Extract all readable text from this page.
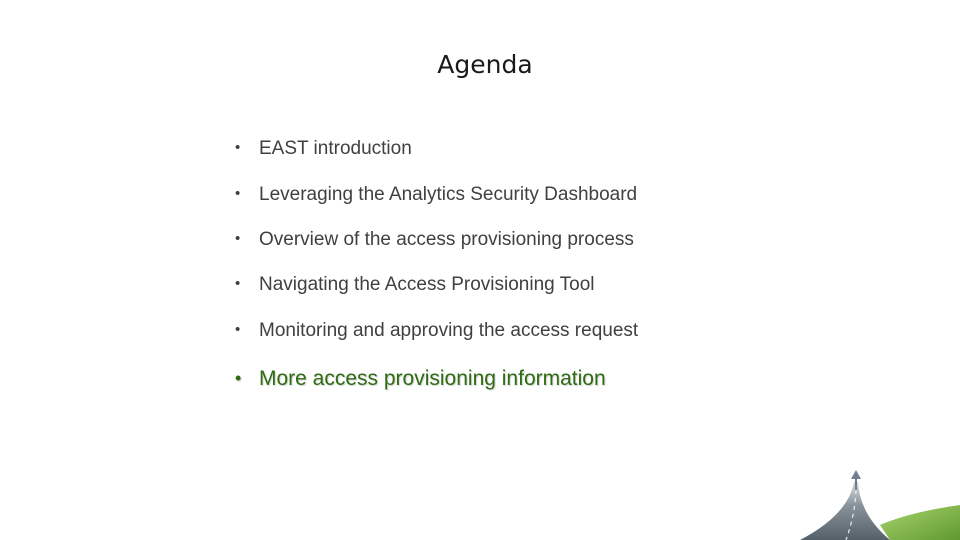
Agenda
• EAST introduction
• Leveraging the Analytics Security Dashboard
• Overview of the access provisioning process
• Navigating the Access Provisioning Tool
• Monitoring and approving the access request
• More access provisioning information
